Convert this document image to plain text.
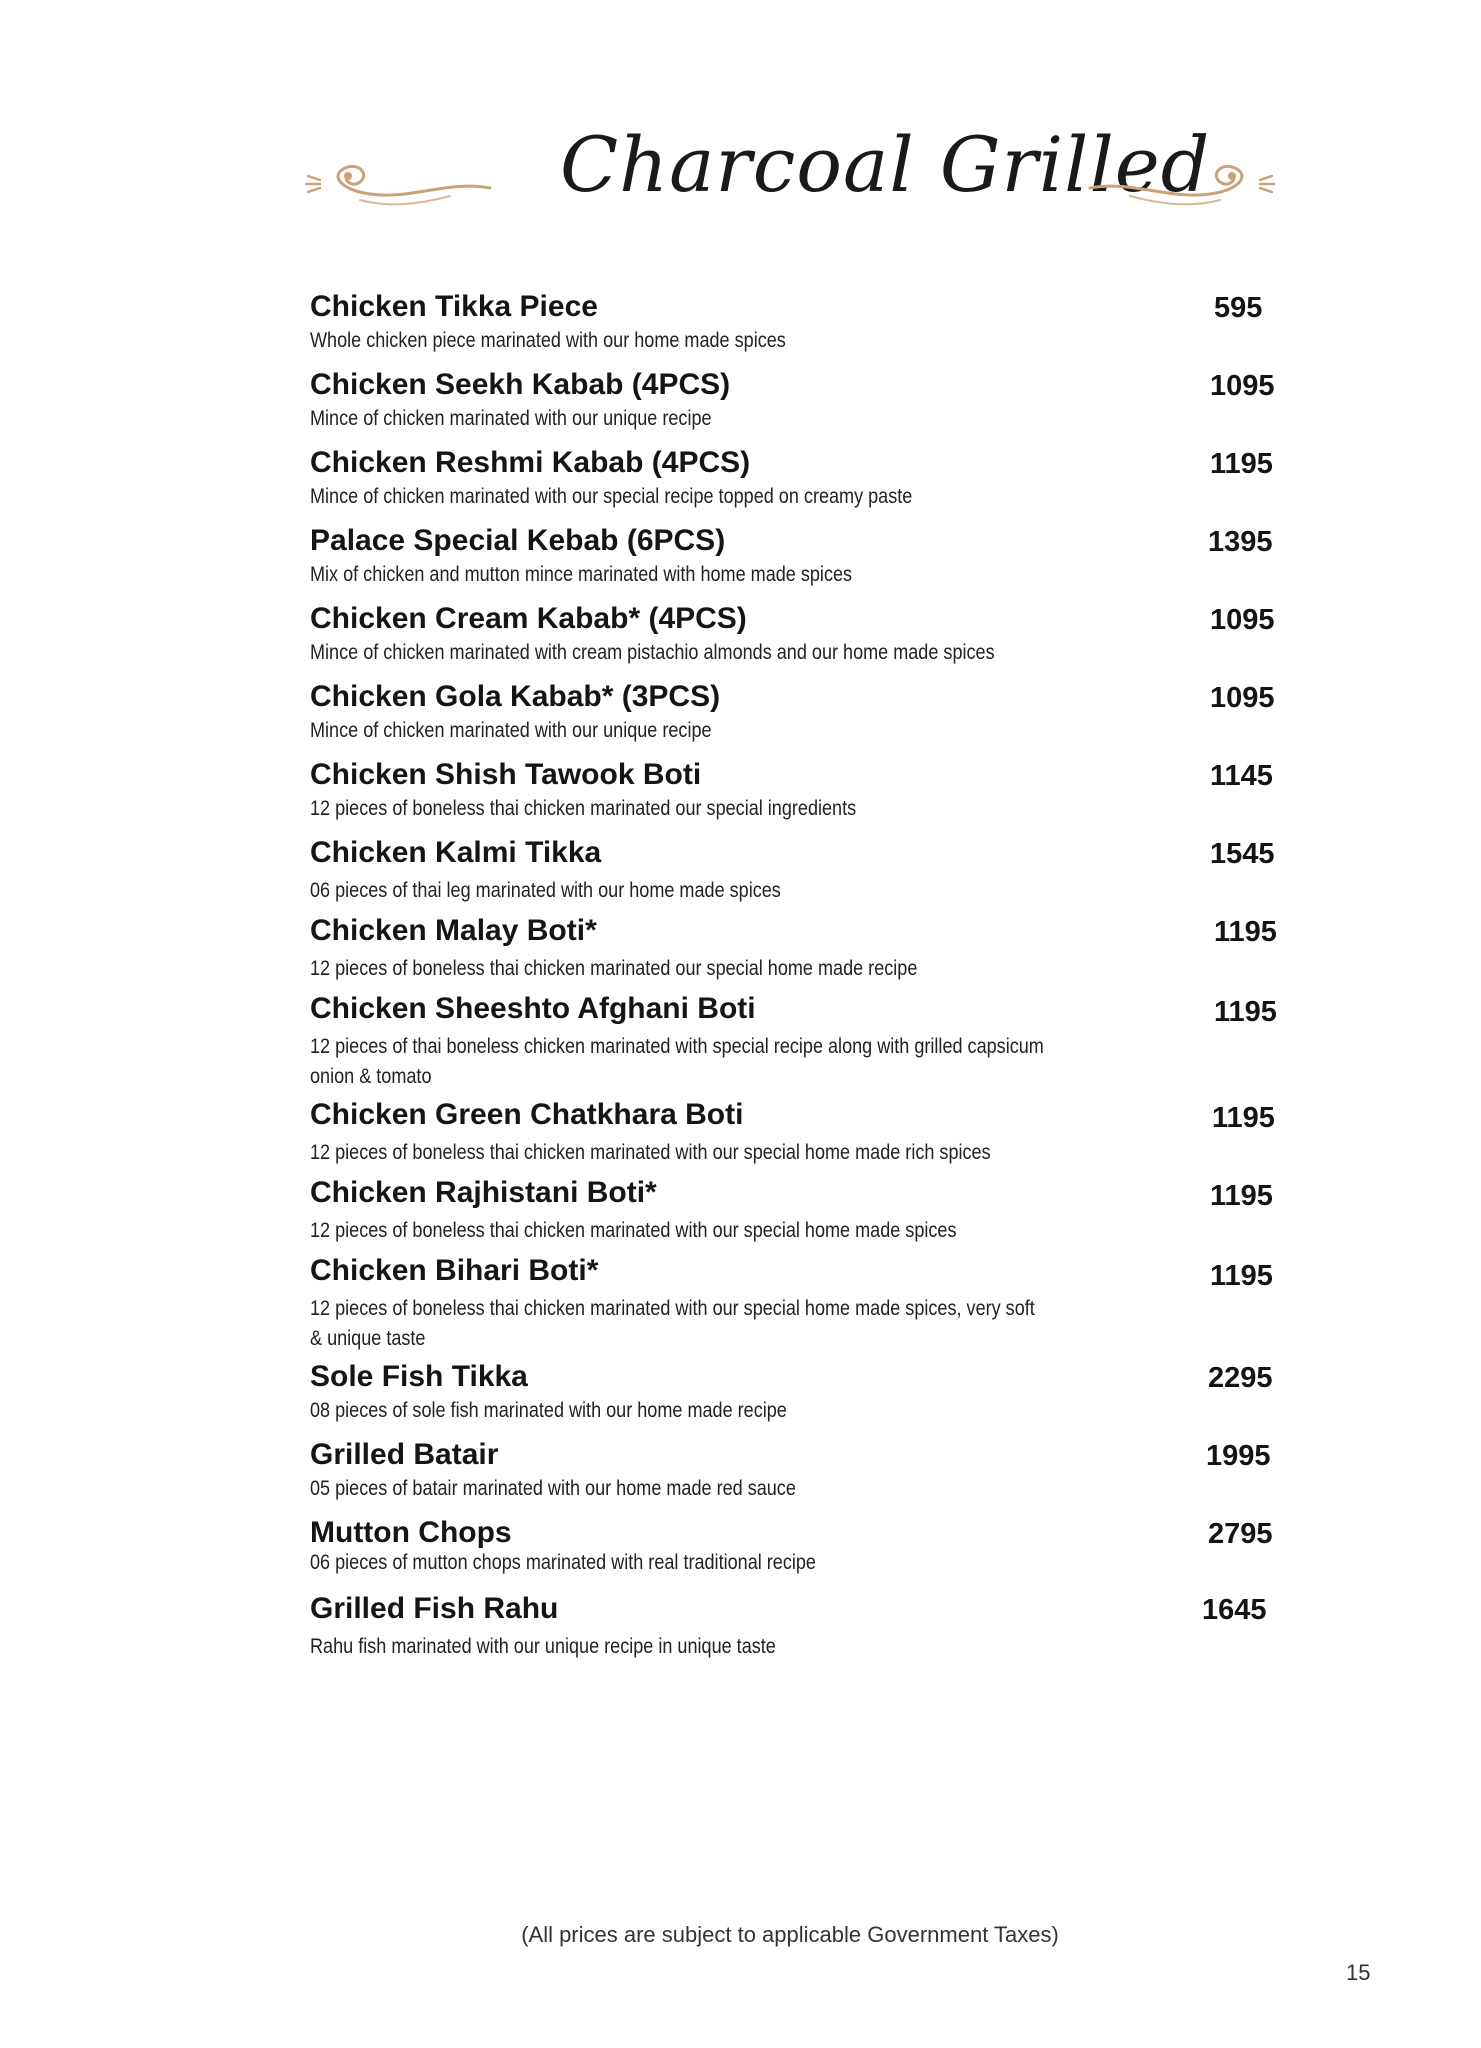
Charcoal Grilled
Chicken Tikka Piece
Whole chicken piece marinated with our home made spices
595
Chicken Seekh Kabab (4PCS)
Mince of chicken marinated with our unique recipe
1095
Chicken Reshmi Kabab (4PCS)
Mince of chicken marinated with our special recipe topped on creamy paste
1195
Palace Special Kebab (6PCS)
Mix of chicken and mutton mince marinated with home made spices
1395
Chicken Cream Kabab* (4PCS)
Mince of chicken marinated with cream pistachio almonds and our home made spices
1095
Chicken Gola Kabab* (3PCS)
Mince of chicken marinated with our unique recipe
1095
Chicken Shish Tawook Boti
12 pieces of boneless thai chicken marinated our special ingredients
1145
Chicken Kalmi Tikka
06 pieces of thai leg marinated with our home made spices
1545
Chicken Malay Boti*
12 pieces of boneless thai chicken marinated our special home made recipe
1195
Chicken Sheeshto Afghani Boti
12 pieces of thai boneless chicken marinated with special recipe along with grilled capsicum onion & tomato
1195
Chicken Green Chatkhara Boti
12 pieces of boneless thai chicken marinated with our special home made rich spices
1195
Chicken Rajhistani Boti*
12 pieces of boneless thai chicken marinated with our special home made spices
1195
Chicken Bihari Boti*
12 pieces of boneless thai chicken marinated with our special home made spices, very soft & unique taste
1195
Sole Fish Tikka
08 pieces of sole fish marinated with our home made recipe
2295
Grilled Batair
05 pieces of batair marinated with our home made red sauce
1995
Mutton Chops
06 pieces of mutton chops marinated with real traditional recipe
2795
Grilled Fish Rahu
Rahu fish marinated with our unique recipe in unique taste
1645
(All prices are subject to applicable Government Taxes)
15
